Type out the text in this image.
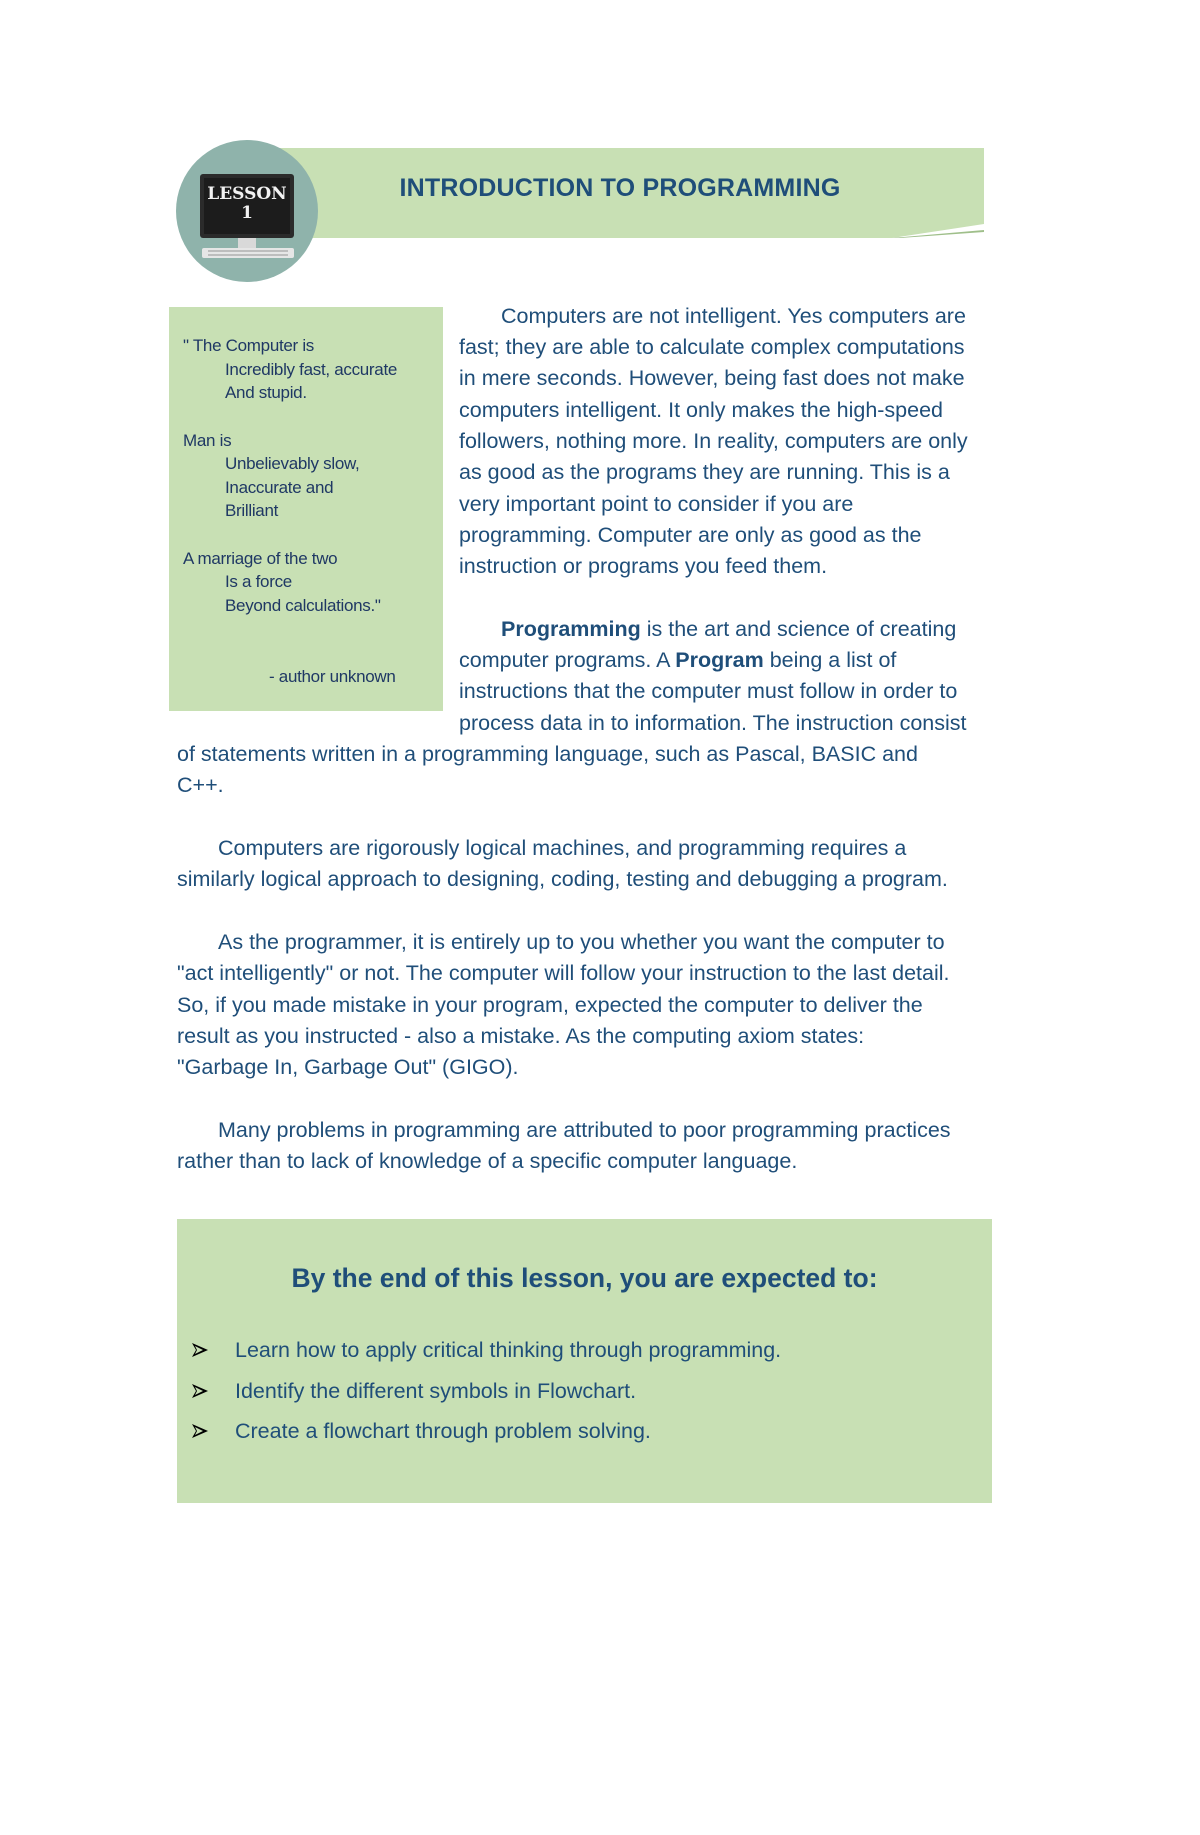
LESSON
1
INTRODUCTION TO PROGRAMMING
" The Computer is
Incredibly fast, accurate
And stupid.
Man is
Unbelievably slow,
Inaccurate and
Brilliant
A marriage of the two
Is a force
Beyond calculations."
- author unknown
Computers are not intelligent. Yes computers are
fast; they are able to calculate complex computations
in mere seconds. However, being fast does not make
computers intelligent. It only makes the high-speed
followers, nothing more. In reality, computers are only
as good as the programs they are running. This is a
very important point to consider if you are
programming. Computer are only as good as the
instruction or programs you feed them.
Programming is the art and science of creating
computer programs. A Program being a list of
instructions that the computer must follow in order to
process data in to information. The instruction consist
of statements written in a programming language, such as Pascal, BASIC and
C++.
Computers are rigorously logical machines, and programming requires a
similarly logical approach to designing, coding, testing and debugging a program.
As the programmer, it is entirely up to you whether you want the computer to
"act intelligently" or not. The computer will follow your instruction to the last detail.
So, if you made mistake in your program, expected the computer to deliver the
result as you instructed - also a mistake. As the computing axiom states:
"Garbage In, Garbage Out" (GIGO).
Many problems in programming are attributed to poor programming practices
rather than to lack of knowledge of a specific computer language.
By the end of this lesson, you are expected to:
Learn how to apply critical thinking through programming.
Identify the different symbols in Flowchart.
Create a flowchart through problem solving.
